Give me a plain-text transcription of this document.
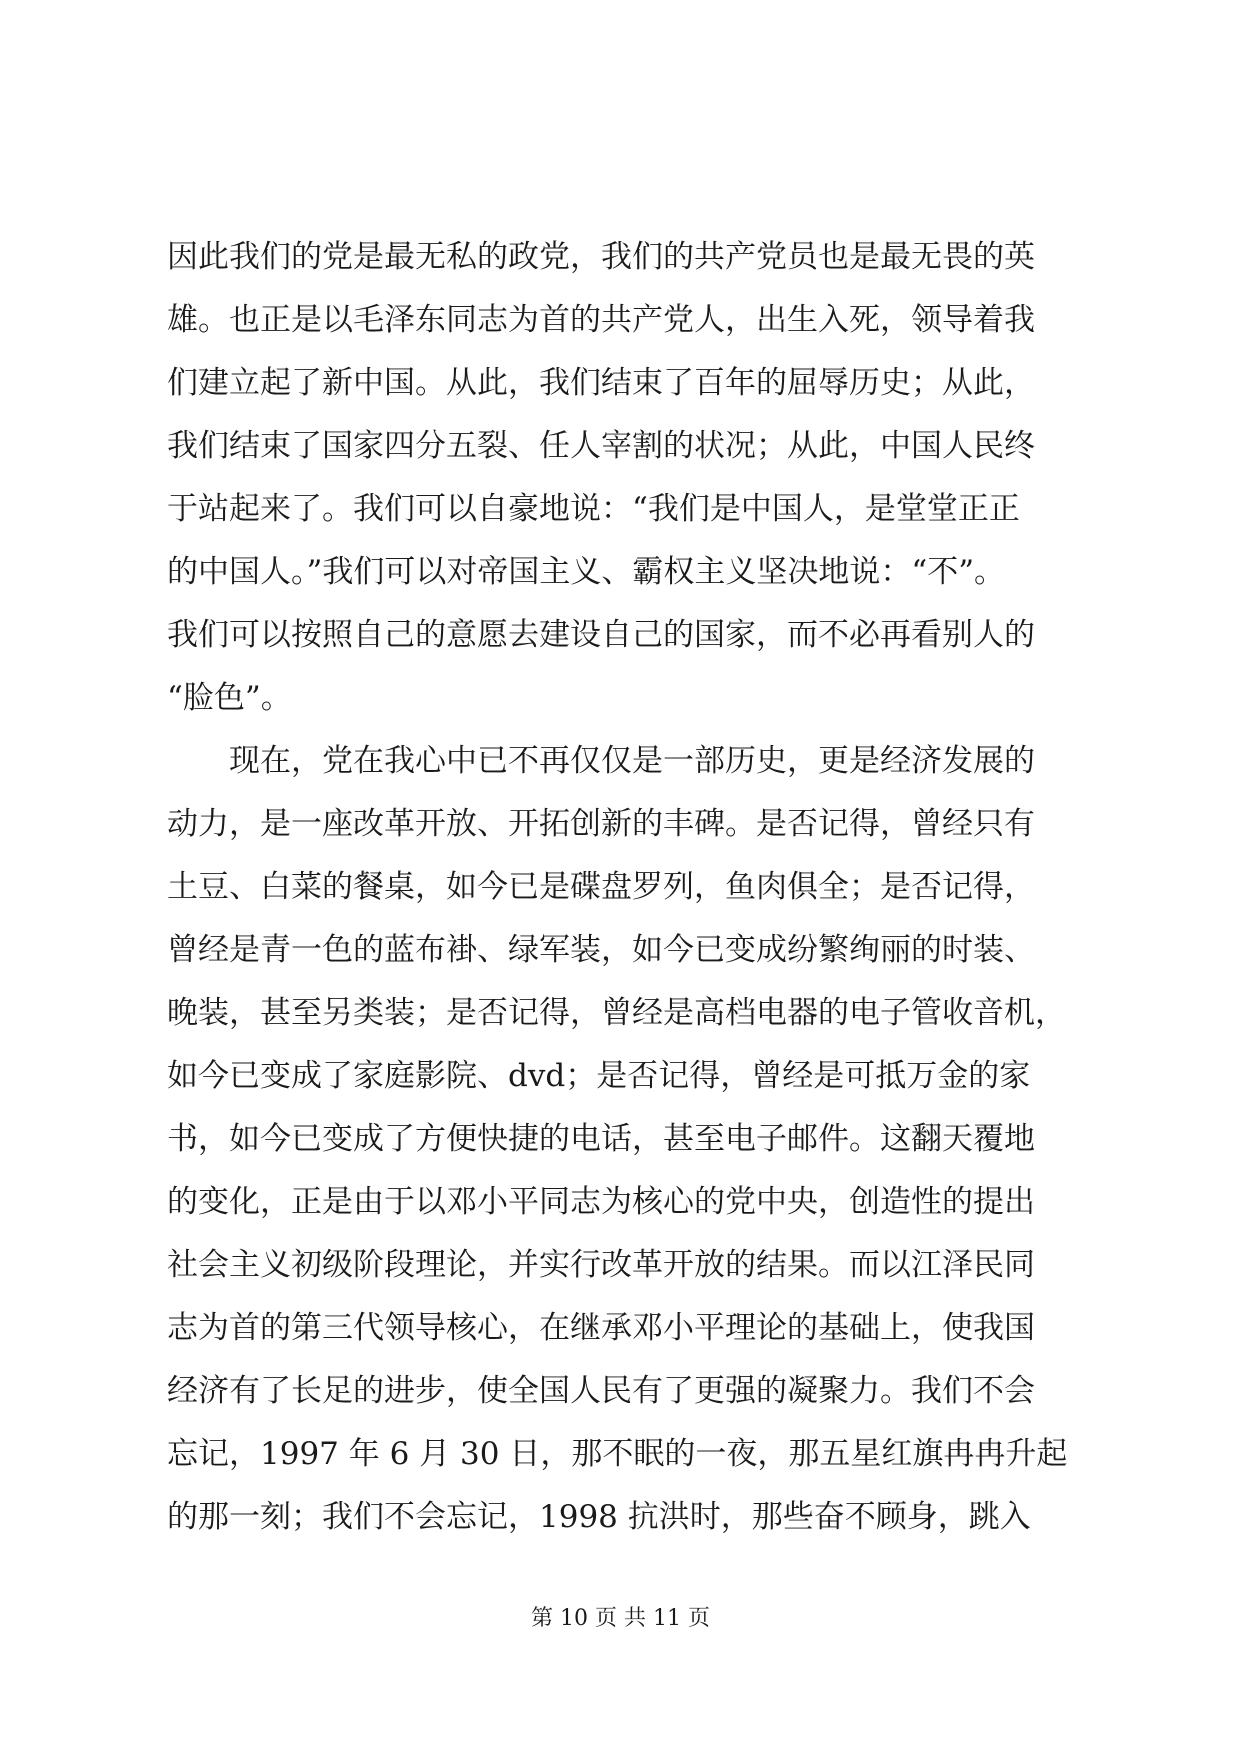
因此我们的党是最无私的政党，我们的共产党员也是最无畏的英
雄。也正是以毛泽东同志为首的共产党人，出生入死，领导着我
们建立起了新中国。从此，我们结束了百年的屈辱历史；从此，
我们结束了国家四分五裂、任人宰割的状况；从此，中国人民终
于站起来了。我们可以自豪地说：“我们是中国人，是堂堂正正
的中国人。”我们可以对帝国主义、霸权主义坚决地说：“不”。
我们可以按照自己的意愿去建设自己的国家，而不必再看别人的
“脸色”。
现在，党在我心中已不再仅仅是一部历史，更是经济发展的
动力，是一座改革开放、开拓创新的丰碑。是否记得，曾经只有
土豆、白菜的餐桌，如今已是碟盘罗列，鱼肉俱全；是否记得，
曾经是青一色的蓝布褂、绿军装，如今已变成纷繁绚丽的时装、
晚装，甚至另类装；是否记得，曾经是高档电器的电子管收音机，
如今已变成了家庭影院、dvd；是否记得，曾经是可抵万金的家
书，如今已变成了方便快捷的电话，甚至电子邮件。这翻天覆地
的变化，正是由于以邓小平同志为核心的党中央，创造性的提出
社会主义初级阶段理论，并实行改革开放的结果。而以江泽民同
志为首的第三代领导核心，在继承邓小平理论的基础上，使我国
经济有了长足的进步，使全国人民有了更强的凝聚力。我们不会
忘记，1997 年 6 月 30 日，那不眠的一夜，那五星红旗冉冉升起
的那一刻；我们不会忘记，1998 抗洪时，那些奋不顾身，跳入
第 10 页 共 11 页
